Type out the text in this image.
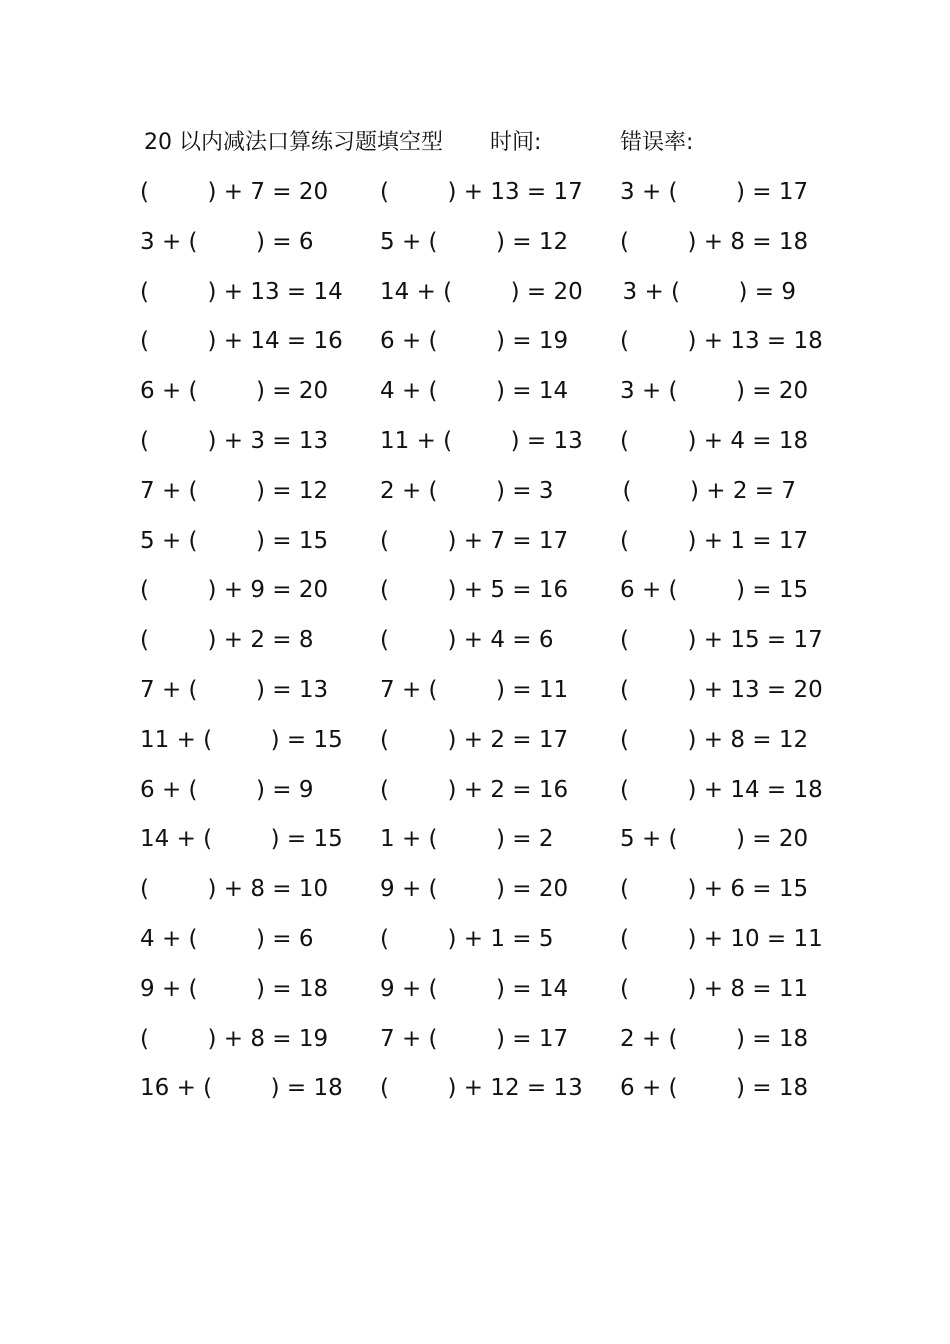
20 以内减法口算练习题填空型 时间:	错误率:
(        ) + 7 = 20 (        ) + 13 = 17 3 + (        ) = 17
3 + (        ) = 6	5 + (        ) = 12 (        ) + 8 = 18
(        ) + 13 = 14 14 + (        ) = 20 3 + (        ) = 9
(        ) + 14 = 16 6 + (        ) = 19 (        ) + 13 = 18
6 + (        ) = 20 4 + (        ) = 14 3 + (        ) = 20
(        ) + 3 = 13 11 + (        ) = 13 (        ) + 4 = 18
7 + (        ) = 12 2 + (        ) = 3	(        ) + 2 = 7
5 + (        ) = 15 (        ) + 7 = 17 (        ) + 1 = 17
(        ) + 9 = 20 (        ) + 5 = 16 6 + (        ) = 15
(        ) + 2 = 8	(        ) + 4 = 6	(        ) + 15 = 17
7 + (        ) = 13 7 + (        ) = 11 (        ) + 13 = 20
11 + (        ) = 15 (        ) + 2 = 17 (        ) + 8 = 12
6 + (        ) = 9	(        ) + 2 = 16 (        ) + 14 = 18
14 + (        ) = 15 1 + (        ) = 2	5 + (        ) = 20
(        ) + 8 = 10 9 + (        ) = 20 (        ) + 6 = 15
4 + (        ) = 6	(        ) + 1 = 5	(        ) + 10 = 11
9 + (        ) = 18 9 + (        ) = 14 (        ) + 8 = 11
(        ) + 8 = 19 7 + (        ) = 17 2 + (        ) = 18
16 + (        ) = 18 (        ) + 12 = 13 6 + (        ) = 18
